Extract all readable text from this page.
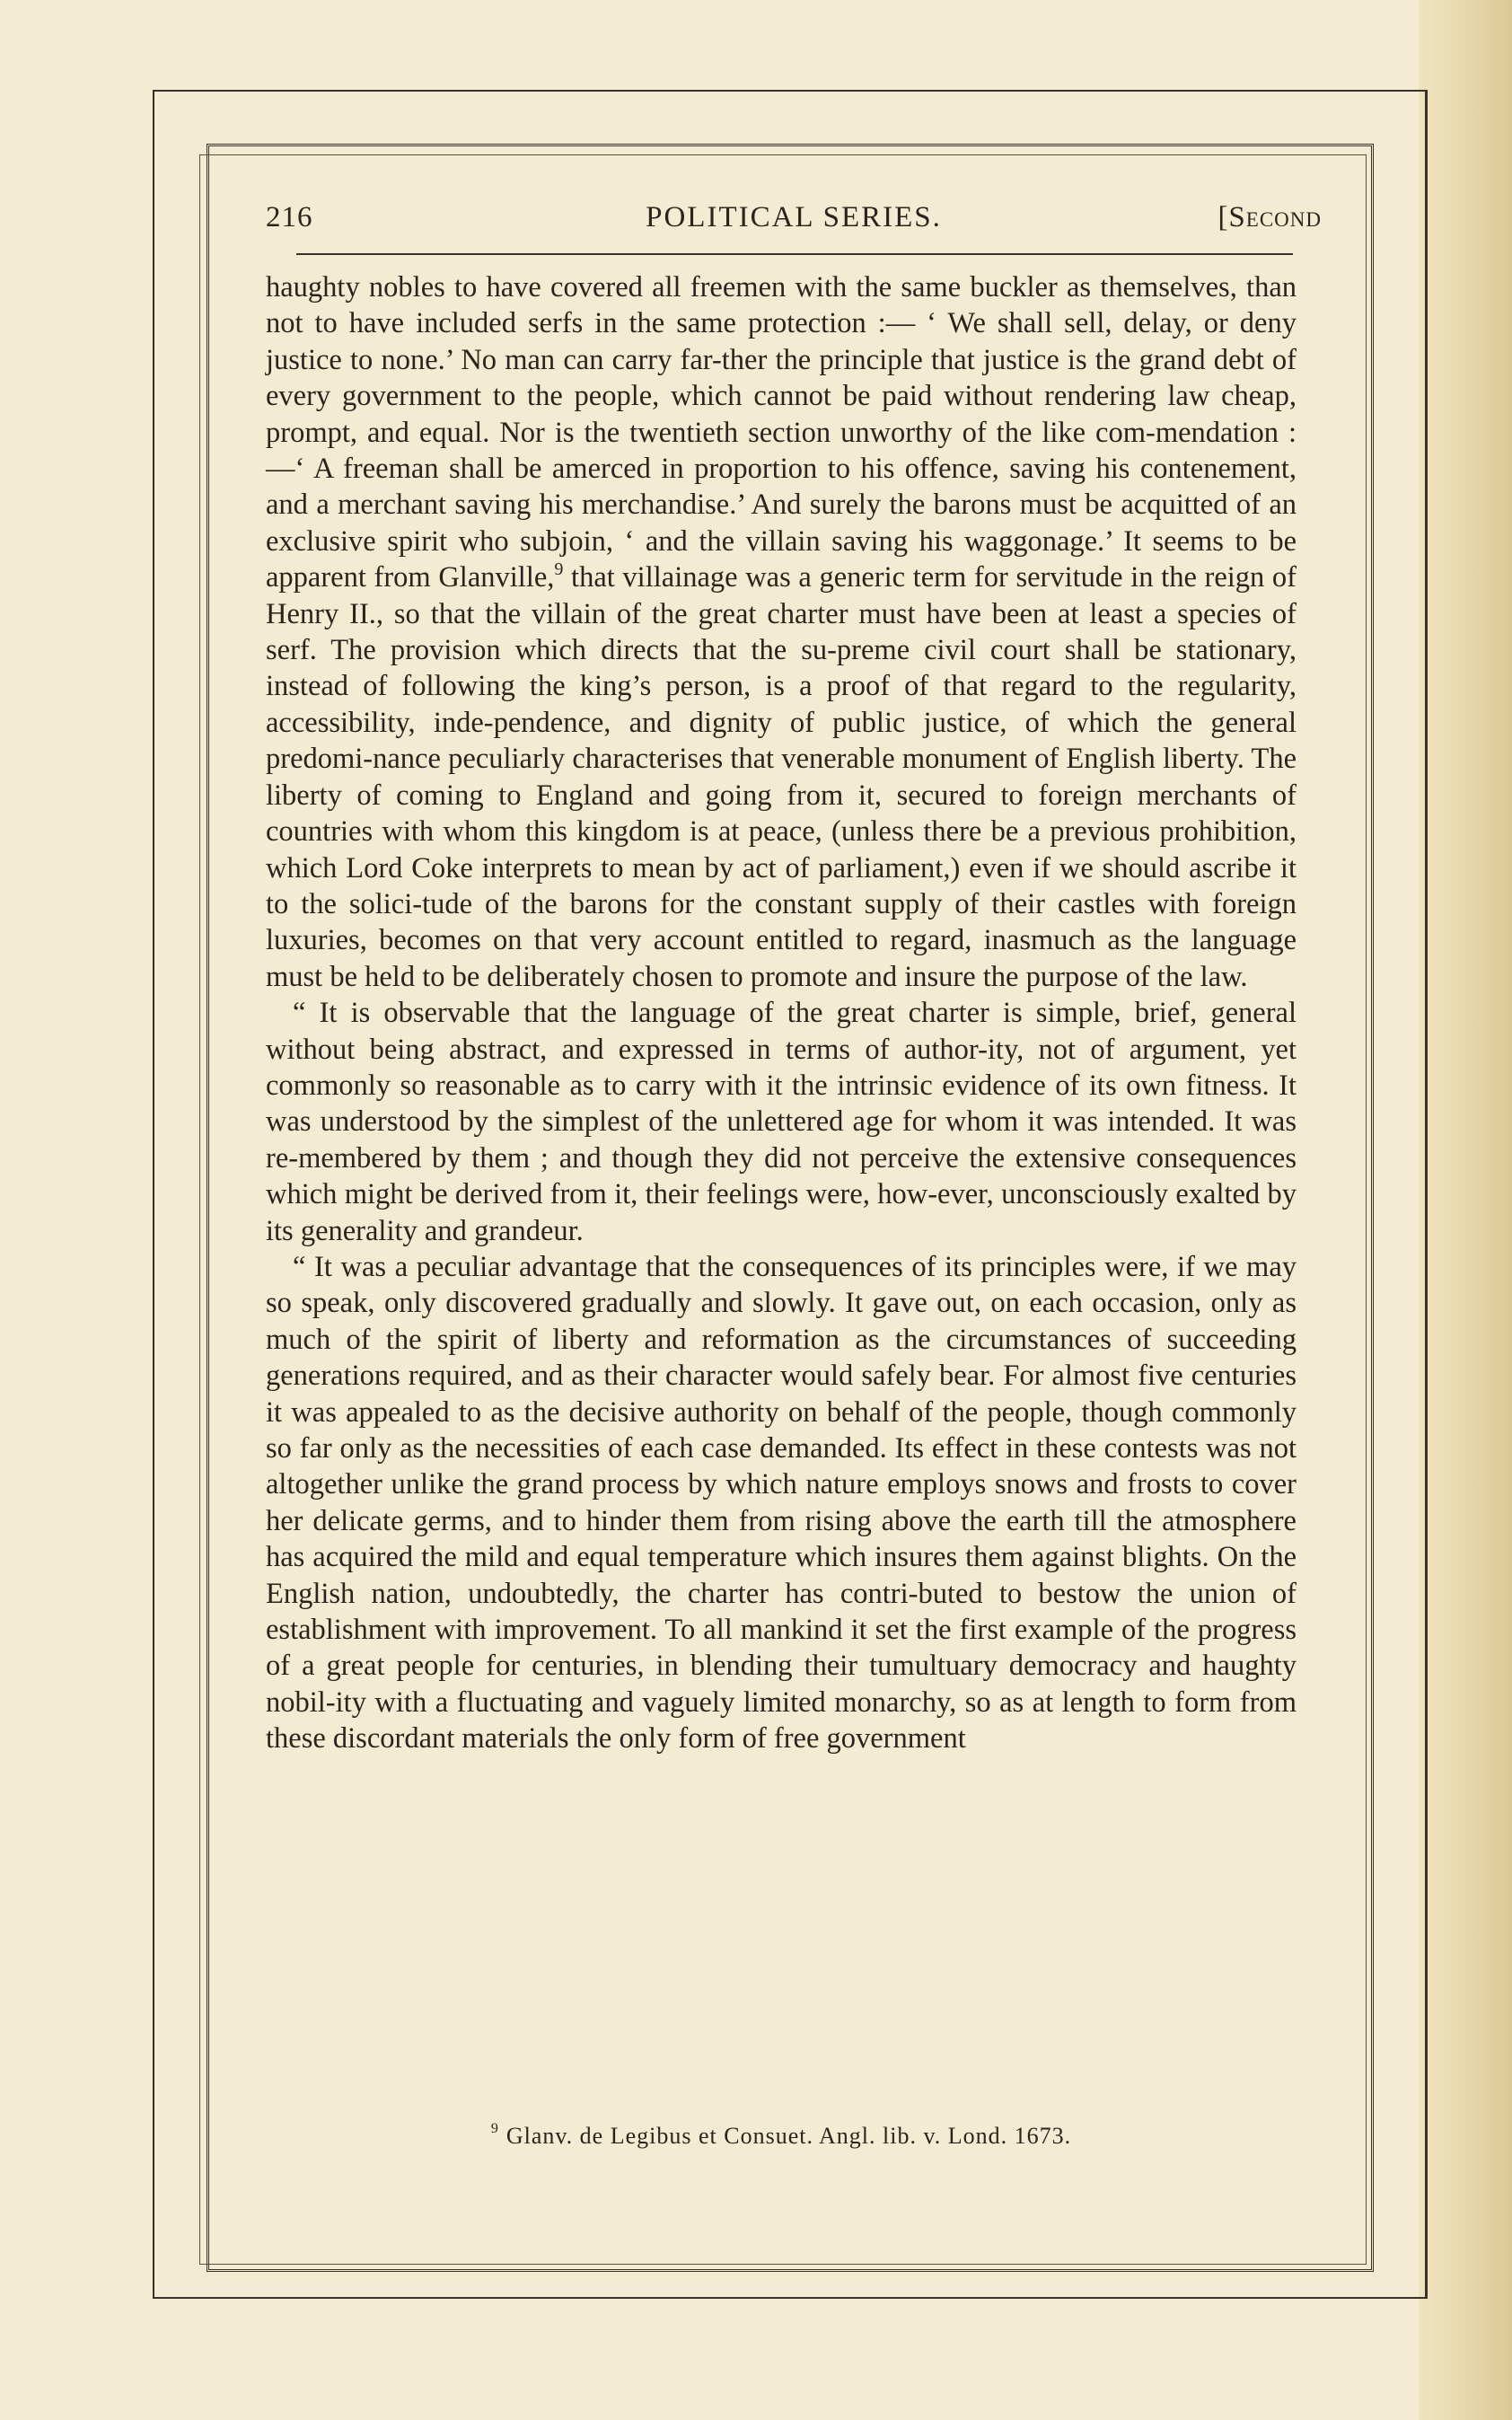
216	POLITICAL SERIES.	[Second

haughty nobles to have covered all freemen with the same buckler as themselves, than not to have included serfs in the same protection :— ‘ We shall sell, delay, or deny justice to none.’ No man can carry far-ther the principle that justice is the grand debt of every government to the people, which cannot be paid without rendering law cheap, prompt, and equal. Nor is the twentieth section unworthy of the like com-mendation :—‘ A freeman shall be amerced in proportion to his offence, saving his contenement, and a merchant saving his merchandise.’ And surely the barons must be acquitted of an exclusive spirit who subjoin, ‘ and the villain saving his waggonage.’ It seems to be apparent from Glanville,$^9$ that villainage was a generic term for servitude in the reign of Henry II., so that the villain of the great charter must have been at least a species of serf. The provision which directs that the su-preme civil court shall be stationary, instead of following the king’s person, is a proof of that regard to the regularity, accessibility, inde-pendence, and dignity of public justice, of which the general predomi-nance peculiarly characterises that venerable monument of English liberty. The liberty of coming to England and going from it, secured to foreign merchants of countries with whom this kingdom is at peace, (unless there be a previous prohibition, which Lord Coke interprets to mean by act of parliament,) even if we should ascribe it to the solici-tude of the barons for the constant supply of their castles with foreign luxuries, becomes on that very account entitled to regard, inasmuch as the language must be held to be deliberately chosen to promote and insure the purpose of the law.

“ It is observable that the language of the great charter is simple, brief, general without being abstract, and expressed in terms of author-ity, not of argument, yet commonly so reasonable as to carry with it the intrinsic evidence of its own fitness. It was understood by the simplest of the unlettered age for whom it was intended. It was re-membered by them ; and though they did not perceive the extensive consequences which might be derived from it, their feelings were, how-ever, unconsciously exalted by its generality and grandeur.

“ It was a peculiar advantage that the consequences of its principles were, if we may so speak, only discovered gradually and slowly. It gave out, on each occasion, only as much of the spirit of liberty and reformation as the circumstances of succeeding generations required, and as their character would safely bear. For almost five centuries it was appealed to as the decisive authority on behalf of the people, though commonly so far only as the necessities of each case demanded. Its effect in these contests was not altogether unlike the grand process by which nature employs snows and frosts to cover her delicate germs, and to hinder them from rising above the earth till the atmosphere has acquired the mild and equal temperature which insures them against blights. On the English nation, undoubtedly, the charter has contri-buted to bestow the union of establishment with improvement. To all mankind it set the first example of the progress of a great people for centuries, in blending their tumultuary democracy and haughty nobil-ity with a fluctuating and vaguely limited monarchy, so as at length to form from these discordant materials the only form of free government

$^9$ Glanv. de Legibus et Consuet. Angl. lib. v. Lond. 1673.
